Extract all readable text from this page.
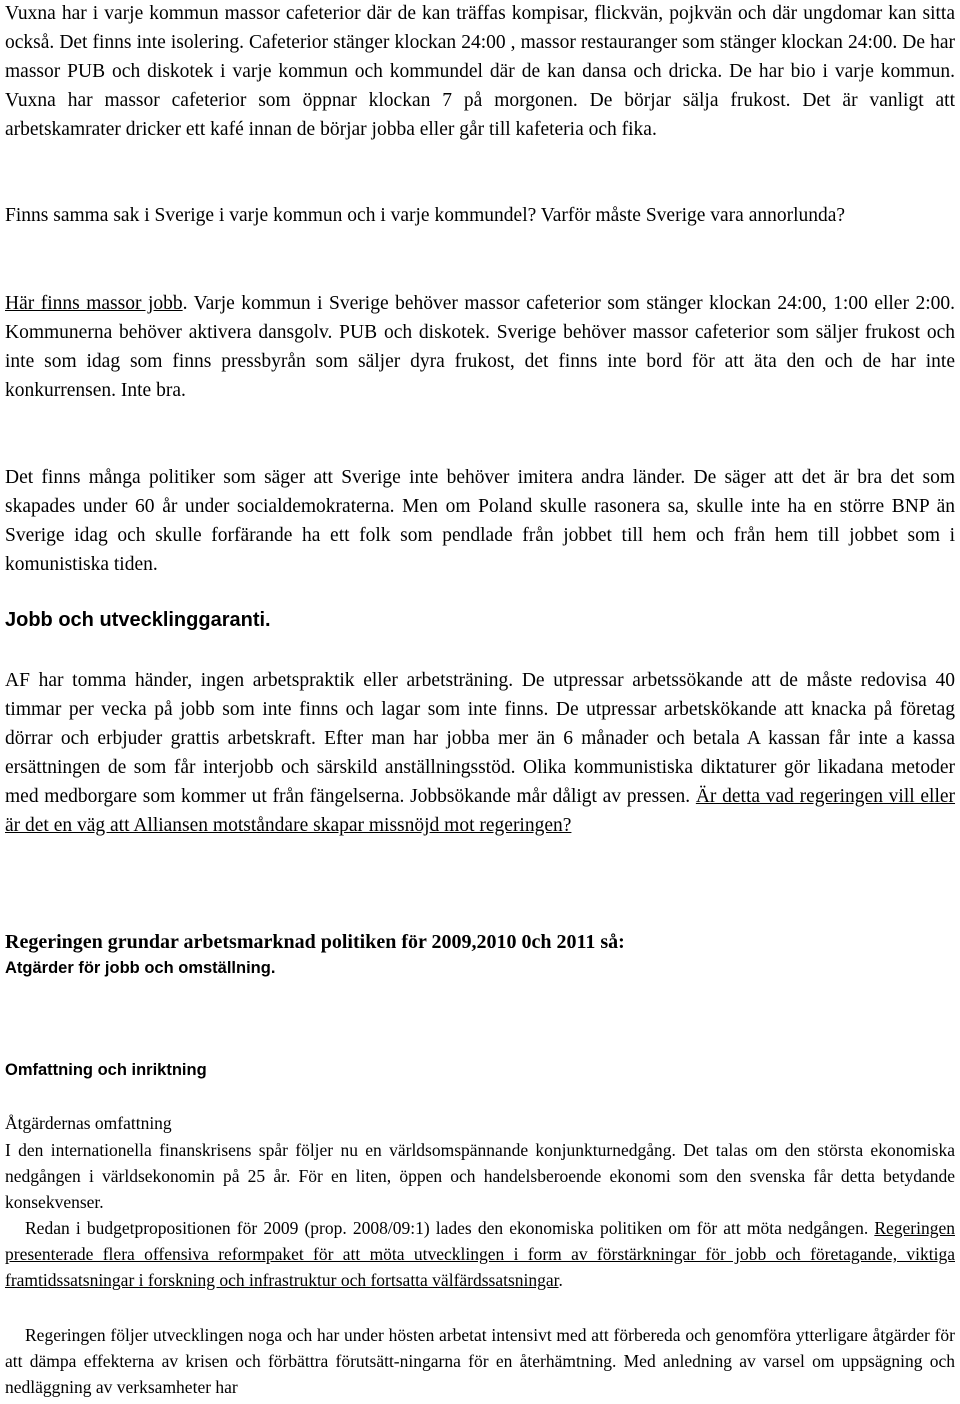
Vuxna har i varje kommun massor cafeterior där de kan träffas kompisar, flickvän, pojkvän och där ungdomar kan sitta också. Det finns inte isolering. Cafeterior stänger klockan 24:00 , massor restauranger som stänger klockan 24:00. De har massor PUB och diskotek i varje kommun och kommundel där de kan dansa och dricka. De har bio i varje kommun. Vuxna har massor cafeterior som öppnar klockan 7 på morgonen. De börjar sälja frukost. Det är vanligt att arbetskamrater dricker ett kafé innan de börjar jobba eller går till kafeteria och fika.

Finns samma sak i Sverige i varje kommun och i varje kommundel? Varför måste Sverige vara annorlunda?

Här finns massor jobb. Varje kommun i Sverige behöver massor cafeterior som stänger klockan 24:00, 1:00 eller 2:00. Kommunerna behöver aktivera dansgolv. PUB och diskotek. Sverige behöver massor cafeterior som säljer frukost och inte som idag som finns pressbyrån som säljer dyra frukost, det finns inte bord för att äta den och de har inte konkurrensen. Inte bra.

Det finns många politiker som säger att Sverige inte behöver imitera andra länder. De säger att det är bra det som skapades under 60 år under socialdemokraterna. Men om Poland skulle rasonera sa, skulle inte ha en större BNP än Sverige idag och skulle forfärande ha ett folk som pendlade från jobbet till hem och från hem till jobbet som i komunistiska tiden.

Jobb och utvecklinggaranti.

AF har tomma händer, ingen arbetspraktik eller arbetsträning. De utpressar arbetssökande att de måste redovisa 40 timmar per vecka på jobb som inte finns och lagar som inte finns. De utpressar arbetskökande att knacka på företag dörrar och erbjuder grattis arbetskraft. Efter man har jobba mer än 6 månader och betala A kassan får inte a kassa ersättningen de som får interjobb och särskild anställningsstöd. Olika kommunistiska diktaturer gör likadana metoder med medborgare som kommer ut från fängelserna. Jobbsökande mår dåligt av pressen. Är detta vad regeringen vill eller är det en väg att Alliansen motståndare skapar missnöjd mot regeringen?

Regeringen grundar arbetsmarknad politiken för 2009,2010 0ch 2011 så:
Atgärder för jobb och omställning.
Omfattning och inriktning

Åtgärdernas omfattning

I den internationella finanskrisens spår följer nu en världsomspännande konjunkturnedgång. Det talas om den största ekonomiska nedgången i världsekonomin på 25 år. För en liten, öppen och handelsberoende ekonomi som den svenska får detta betydande konsekvenser.

Redan i budgetpropositionen för 2009 (prop. 2008/09:1) lades den ekonomiska politiken om för att möta nedgången. Regeringen presenterade flera offensiva reformpaket för att möta utvecklingen i form av förstärkningar för jobb och företagande, viktiga framtidssatsningar i forskning och infrastruktur och fortsatta välfärdssatsningar.

Regeringen följer utvecklingen noga och har under hösten arbetat intensivt med att förbereda och genomföra ytterligare åtgärder för att dämpa effekterna av krisen och förbättra förutsätt-ningarna för en återhämtning. Med anledning av varsel om uppsägning och nedläggning av verksamheter har
